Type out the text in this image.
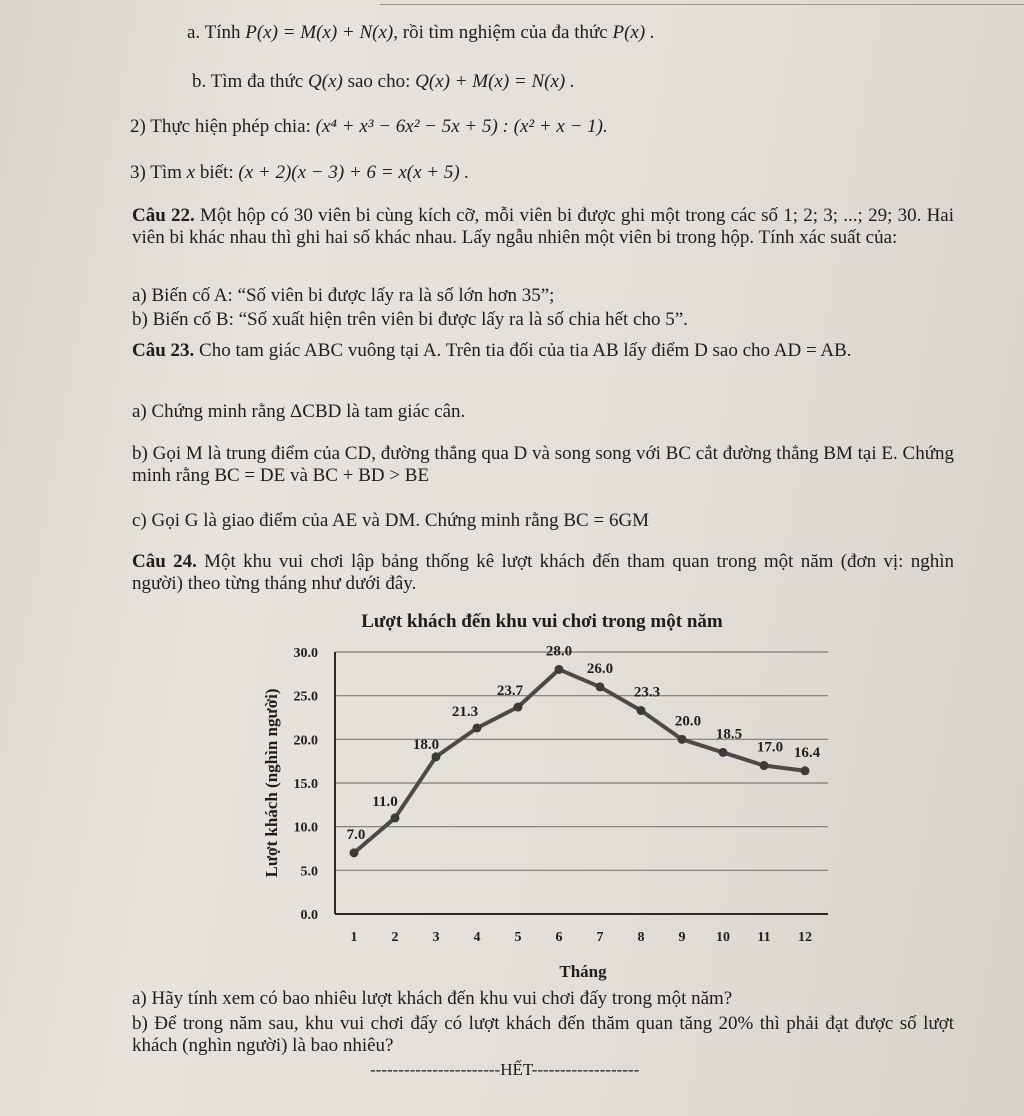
a. Tính P(x) = M(x) + N(x), rồi tìm nghiệm của đa thức P(x) .
b. Tìm đa thức Q(x) sao cho: Q(x) + M(x) = N(x) .
2) Thực hiện phép chia: (x⁴ + x³ − 6x² − 5x + 5) : (x² + x − 1).
3) Tìm x biết: (x + 2)(x − 3) + 6 = x(x + 5) .
Câu 22. Một hộp có 30 viên bi cùng kích cỡ, mỗi viên bi được ghi một trong các số 1; 2; 3; ...; 29; 30. Hai viên bi khác nhau thì ghi hai số khác nhau. Lấy ngẫu nhiên một viên bi trong hộp. Tính xác suất của:
a) Biến cố A: “Số viên bi được lấy ra là số lớn hơn 35”;
b) Biến cố B: “Số xuất hiện trên viên bi được lấy ra là số chia hết cho 5”.
Câu 23. Cho tam giác ABC vuông tại A. Trên tia đối của tia AB lấy điểm D sao cho AD = AB.
a) Chứng minh rằng ΔCBD là tam giác cân.
b) Gọi M là trung điểm của CD, đường thẳng qua D và song song với BC cắt đường thẳng BM tại E. Chứng minh rằng BC = DE và BC + BD > BE
c) Gọi G là giao điểm của AE và DM. Chứng minh rằng BC = 6GM
Câu 24. Một khu vui chơi lập bảng thống kê lượt khách đến tham quan trong một năm (đơn vị: nghìn người) theo từng tháng như dưới đây.
Lượt khách đến khu vui chơi trong một năm
Tháng
Lượt khách (nghìn người)
0.0
5.0
10.0
15.0
20.0
25.0
30.0
1 2 3 4 5 6 7 8 9 10 11 12
7.0
11.0
18.0
21.3
23.7
28.0
26.0
23.3
20.0
18.5
17.0 16.4
a) Hãy tính xem có bao nhiêu lượt khách đến khu vui chơi đấy trong một năm?
b) Để trong năm sau, khu vui chơi đấy có lượt khách đến thăm quan tăng 20% thì phải đạt được số lượt khách (nghìn người) là bao nhiêu?
-----------------------HẾT-------------------
